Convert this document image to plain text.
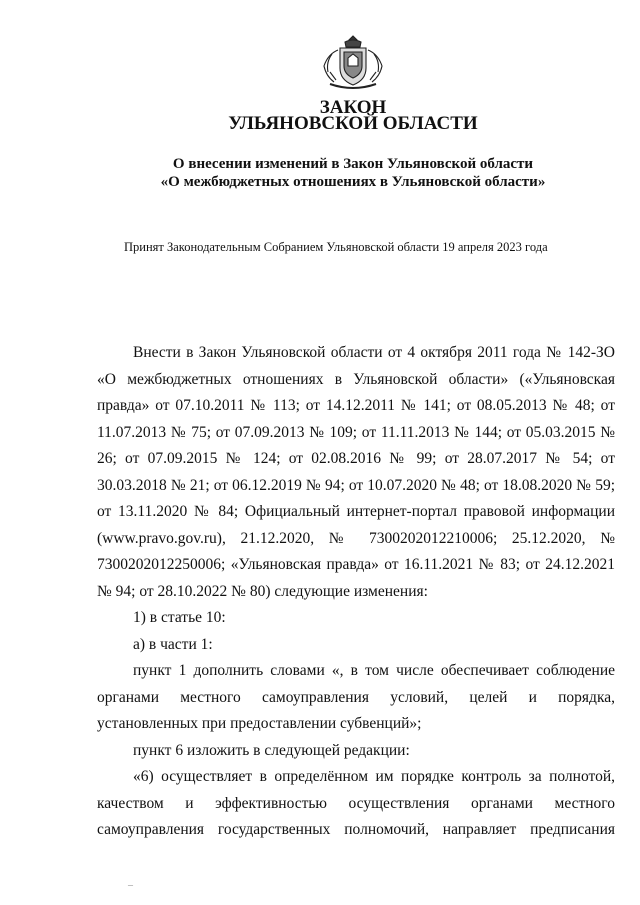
ЗАКОН
УЛЬЯНОВСКОЙ ОБЛАСТИ
О внесении изменений в Закон Ульяновской области
«О межбюджетных отношениях в Ульяновской области»
Принят Законодательным Собранием Ульяновской области 19 апреля 2023 года

Внести в Закон Ульяновской области от 4 октября 2011 года № 142-ЗО «О межбюджетных отношениях в Ульяновской области» («Ульяновская правда» от 07.10.2011 № 113; от 14.12.2011 № 141; от 08.05.2013 № 48; от 11.07.2013 № 75; от 07.09.2013 № 109; от 11.11.2013 № 144; от 05.03.2015 № 26; от 07.09.2015 № 124; от 02.08.2016 № 99; от 28.07.2017 № 54; от 30.03.2018 № 21; от 06.12.2019 № 94; от 10.07.2020 № 48; от 18.08.2020 № 59; от 13.11.2020 № 84; Официальный интернет-портал правовой информации (www.pravo.gov.ru), 21.12.2020, № 7300202012210006; 25.12.2020, № 7300202012250006; «Ульяновская правда» от 16.11.2021 № 83; от 24.12.2021 № 94; от 28.10.2022 № 80) следующие изменения:

1) в статье 10:

а) в части 1:

пункт 1 дополнить словами «, в том числе обеспечивает соблюдение органами местного самоуправления условий, целей и порядка, установленных при предоставлении субвенций»;

пункт 6 изложить в следующей редакции:

«6) осуществляет в определённом им порядке контроль за полнотой, качеством и эффективностью осуществления органами местного самоуправления государственных полномочий, направляет предписания

–
